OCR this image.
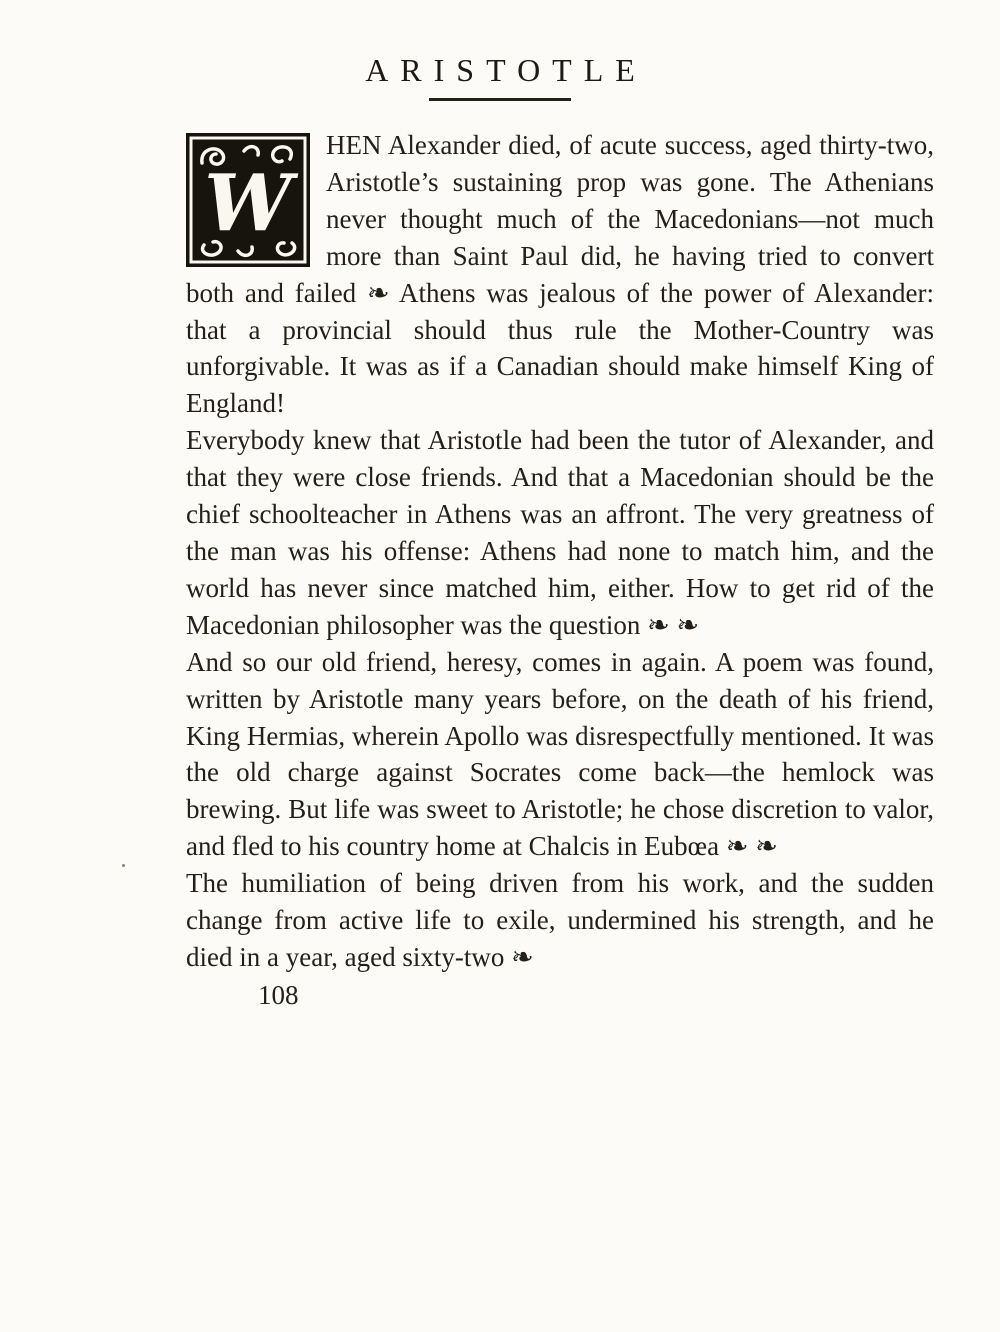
ARISTOTLE
W

HEN Alexander died, of acute success, aged thirty-two, Aristotle’s sustaining prop was gone. The Athenians never thought much of the Macedonians—not much more than Saint Paul did, he having tried to convert both and failed ❧ Athens was jealous of the power of Alexander: that a provincial should thus rule the Mother-Country was unforgivable. It was as if a Canadian should make himself King of England!

Everybody knew that Aristotle had been the tutor of Alexander, and that they were close friends. And that a Macedonian should be the chief schoolteacher in Athens was an affront. The very greatness of the man was his offense: Athens had none to match him, and the world has never since matched him, either. How to get rid of the Macedonian philosopher was the question ❧ ❧

And so our old friend, heresy, comes in again. A poem was found, written by Aristotle many years before, on the death of his friend, King Hermias, wherein Apollo was disrespectfully mentioned. It was the old charge against Socrates come back—the hemlock was brewing. But life was sweet to Aristotle; he chose discretion to valor, and fled to his country home at Chalcis in Eubœa ❧ ❧

The humiliation of being driven from his work, and the sudden change from active life to exile, undermined his strength, and he died in a year, aged sixty-two ❧

108
